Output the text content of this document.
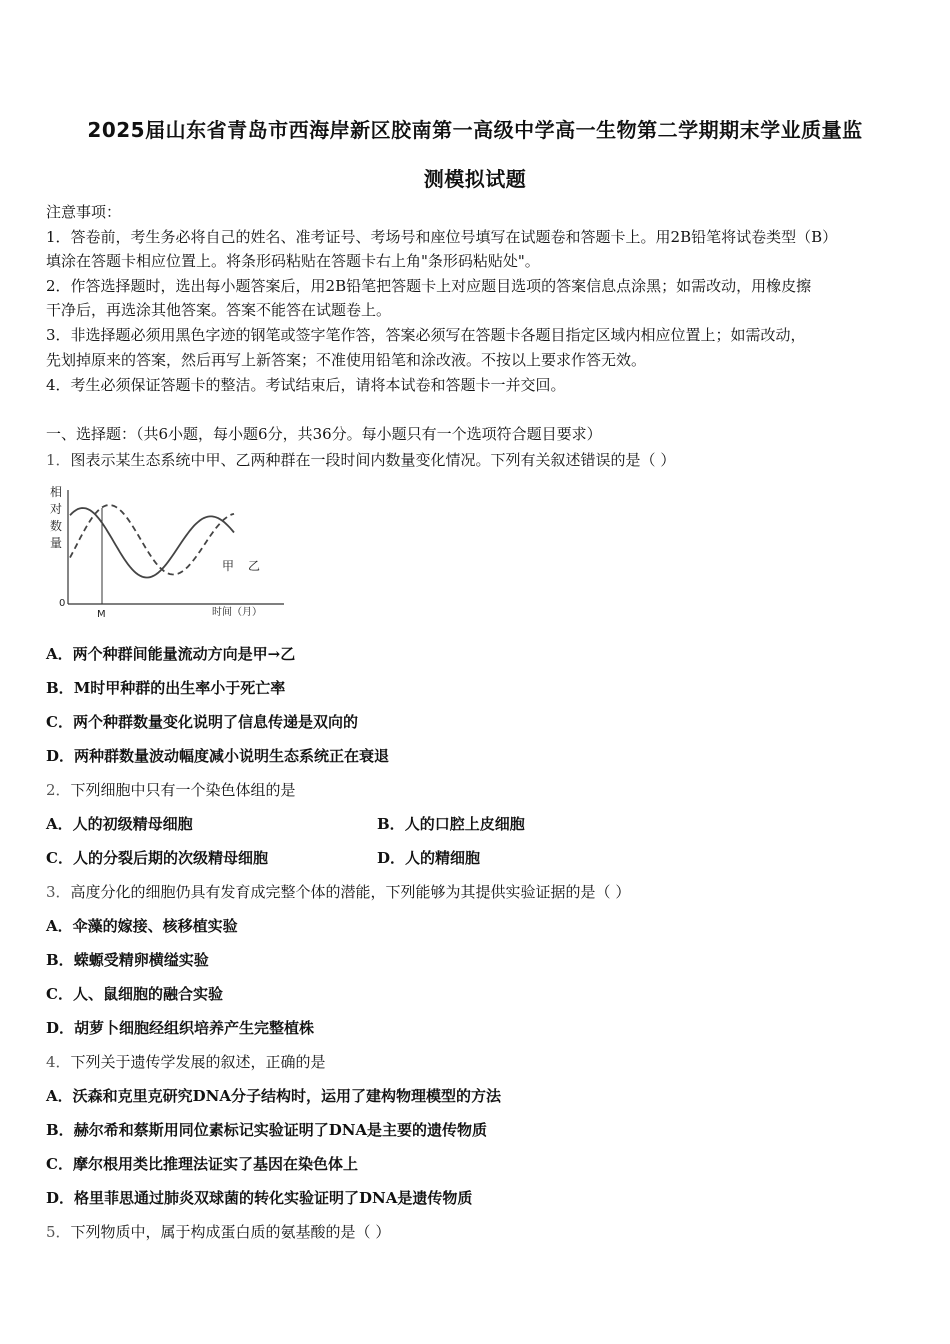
2025届山东省青岛市西海岸新区胶南第一高级中学高一生物第二学期期末学业质量监
测模拟试题
注意事项：
1．答卷前，考生务必将自己的姓名、准考证号、考场号和座位号填写在试题卷和答题卡上。用2B铅笔将试卷类型（B）
填涂在答题卡相应位置上。将条形码粘贴在答题卡右上角"条形码粘贴处"。
2．作答选择题时，选出每小题答案后，用2B铅笔把答题卡上对应题目选项的答案信息点涂黑；如需改动，用橡皮擦
干净后，再选涂其他答案。答案不能答在试题卷上。
3．非选择题必须用黑色字迹的钢笔或签字笔作答，答案必须写在答题卡各题目指定区域内相应位置上；如需改动，
先划掉原来的答案，然后再写上新答案；不准使用铅笔和涂改液。不按以上要求作答无效。
4．考生必须保证答题卡的整洁。考试结束后，请将本试卷和答题卡一并交回。
一、选择题：（共6小题，每小题6分，共36分。每小题只有一个选项符合题目要求）
1．图表示某生态系统中甲、乙两种群在一段时间内数量变化情况。下列有关叙述错误的是（ ）
相
对
数
量
0
M	时间（月）
甲 乙
A．两个种群间能量流动方向是甲→乙
B．M时甲种群的出生率小于死亡率
C．两个种群数量变化说明了信息传递是双向的
D．两种群数量波动幅度减小说明生态系统正在衰退
2．下列细胞中只有一个染色体组的是
A．人的初级精母细胞	B．人的口腔上皮细胞
C．人的分裂后期的次级精母细胞	D．人的精细胞
3．高度分化的细胞仍具有发育成完整个体的潜能，下列能够为其提供实验证据的是（ ）
A．伞藻的嫁接、核移植实验
B．蝾螈受精卵横缢实验
C．人、鼠细胞的融合实验
D．胡萝卜细胞经组织培养产生完整植株
4．下列关于遗传学发展的叙述，正确的是
A．沃森和克里克研究DNA分子结构时，运用了建构物理模型的方法
B．赫尔希和蔡斯用同位素标记实验证明了DNA是主要的遗传物质
C．摩尔根用类比推理法证实了基因在染色体上
D．格里菲思通过肺炎双球菌的转化实验证明了DNA是遗传物质
5．下列物质中，属于构成蛋白质的氨基酸的是（ ）
